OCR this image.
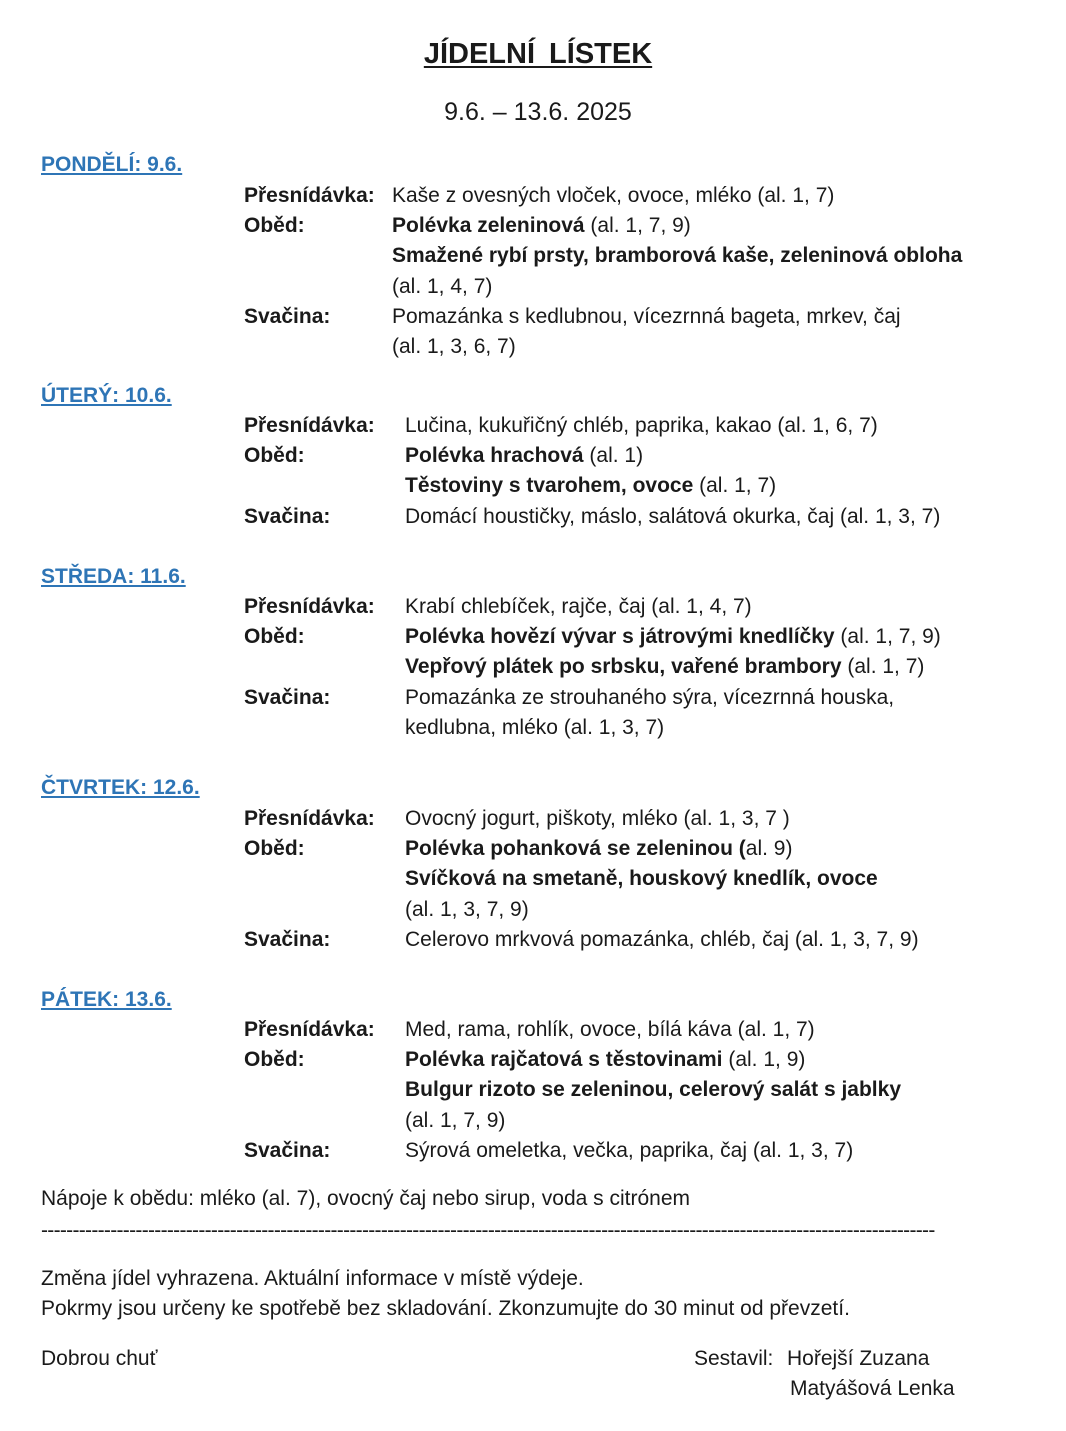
JÍDELNÍ LÍSTEK
9.6. – 13.6. 2025
PONDĚLÍ: 9.6.
Přesnídávka: Kaše z ovesných vloček, ovoce, mléko (al. 1, 7)
Oběd:	Polévka zeleninová (al. 1, 7, 9)
Smažené rybí prsty, bramborová kaše, zeleninová obloha
(al. 1, 4, 7)
Svačina:	Pomazánka s kedlubnou, vícezrnná bageta, mrkev, čaj
(al. 1, 3, 6, 7)
ÚTERÝ: 10.6.
Přesnídávka: Lučina, kukuřičný chléb, paprika, kakao (al. 1, 6, 7)
Oběd:	Polévka hrachová (al. 1)
Těstoviny s tvarohem, ovoce (al. 1, 7)
Svačina:	Domácí houstičky, máslo, salátová okurka, čaj (al. 1, 3, 7)
STŘEDA: 11.6.
Přesnídávka: Krabí chlebíček, rajče, čaj (al. 1, 4, 7)
Oběd:	Polévka hovězí vývar s játrovými knedlíčky (al. 1, 7, 9)
Vepřový plátek po srbsku, vařené brambory (al. 1, 7)
Svačina:	Pomazánka ze strouhaného sýra, vícezrnná houska,
kedlubna, mléko (al. 1, 3, 7)
ČTVRTEK: 12.6.
Přesnídávka: Ovocný jogurt, piškoty, mléko (al. 1, 3, 7 )
Oběd:	Polévka pohanková se zeleninou (al. 9)
Svíčková na smetaně, houskový knedlík, ovoce
(al. 1, 3, 7, 9)
Svačina:	Celerovo mrkvová pomazánka, chléb, čaj (al. 1, 3, 7, 9)
PÁTEK: 13.6.
Přesnídávka: Med, rama, rohlík, ovoce, bílá káva (al. 1, 7)
Oběd:	Polévka rajčatová s těstovinami (al. 1, 9)
Bulgur rizoto se zeleninou, celerový salát s jablky
(al. 1, 7, 9)
Svačina:	Sýrová omeletka, večka, paprika, čaj (al. 1, 3, 7)
Nápoje k obědu: mléko (al. 7), ovocný čaj nebo sirup, voda s citrónem
----------------------------------------------------------------------------------------------------------------------------------------------
Změna jídel vyhrazena. Aktuální informace v místě výdeje.
Pokrmy jsou určeny ke spotřebě bez skladování. Zkonzumujte do 30 minut od převzetí.
Dobrou chuť	Sestavil: Hořejší Zuzana
Matyášová Lenka
